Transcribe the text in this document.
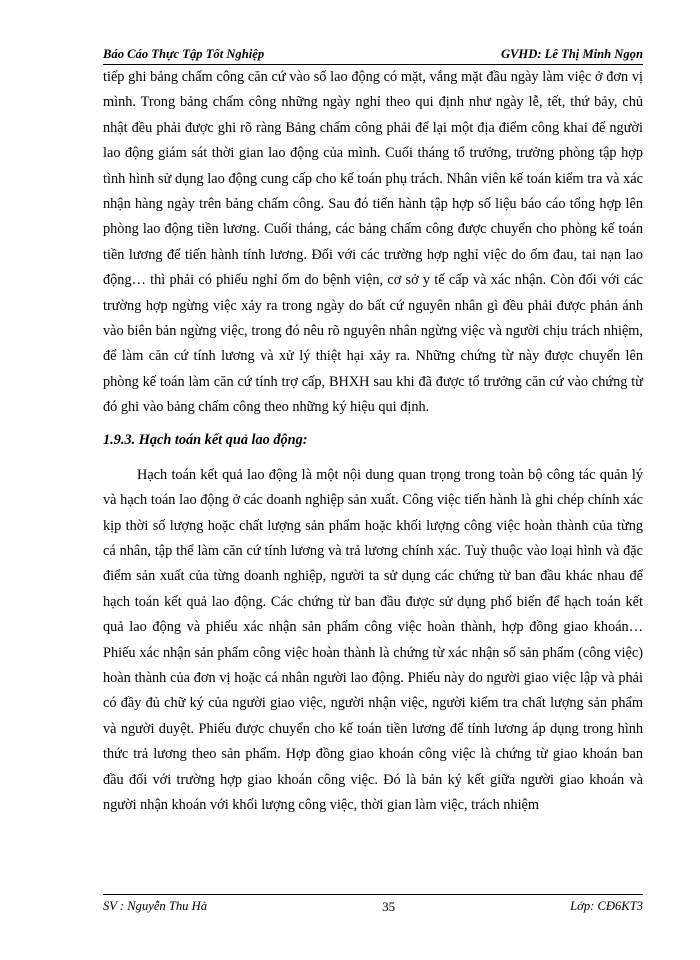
Báo Cáo Thực Tập Tốt Nghiệp	GVHD: Lê Thị Minh Ngọn

tiếp ghi bảng chấm công căn cứ vào số lao động có mặt, vắng mặt đầu ngày làm việc ở đơn vị mình. Trong bảng chấm công những ngày nghỉ theo qui định như ngày lễ, tết, thứ bảy, chủ nhật đều phải được ghi rõ ràng Bảng chấm công phải để lại một địa điểm công khai để người lao động giám sát thời gian lao động của mình. Cuối tháng tổ trưởng, trưởng phòng tập hợp tình hình sử dụng lao động cung cấp cho kế toán phụ trách. Nhân viên kế toán kiểm tra và xác nhận hàng ngày trên bảng chấm công. Sau đó tiến hành tập hợp số liệu báo cáo tổng hợp lên phòng lao động tiền lương. Cuối tháng, các bảng chấm công được chuyển cho phòng kế toán tiền lương để tiến hành tính lương. Đối với các trường hợp nghỉ việc do ốm đau, tai nạn lao động… thì phải có phiếu nghỉ ốm do bệnh viện, cơ sở y tế cấp và xác nhận. Còn đối với các trường hợp ngừng việc xảy ra trong ngày do bất cứ nguyên nhân gì đều phải được phản ánh vào biên bản ngừng việc, trong đó nêu rõ nguyên nhân ngừng việc và người chịu trách nhiệm, để làm căn cứ tính lương và xử lý thiệt hại xảy ra. Những chứng từ này được chuyển lên phòng kế toán làm căn cứ tính trợ cấp, BHXH sau khi đã được tổ trưởng căn cứ vào chứng từ đó ghi vào bảng chấm công theo những ký hiệu qui định.

1.9.3. Hạch toán kết quả lao động:

Hạch toán kết quả lao động là một nội dung quan trọng trong toàn bộ công tác quản lý và hạch toán lao động ở các doanh nghiệp sản xuất. Công việc tiến hành là ghi chép chính xác kịp thời số lượng hoặc chất lượng sản phẩm hoặc khối lượng công việc hoàn thành của từng cá nhân, tập thể làm căn cứ tính lương và trả lương chính xác. Tuỳ thuộc vào loại hình và đặc điểm sản xuất của từng doanh nghiệp, người ta sử dụng các chứng từ ban đầu khác nhau để hạch toán kết quả lao động. Các chứng từ ban đầu được sử dụng phổ biến để hạch toán kết quả lao động và phiếu xác nhận sản phẩm công việc hoàn thành, hợp đồng giao khoán… Phiếu xác nhận sản phẩm công việc hoàn thành là chứng từ xác nhận số sản phẩm (công việc) hoàn thành của đơn vị hoặc cá nhân người lao động. Phiếu này do người giao việc lập và phải có đầy đủ chữ ký của người giao việc, người nhận việc, người kiểm tra chất lượng sản phẩm và người duyệt. Phiếu được chuyển cho kế toán tiền lương để tính lương áp dụng trong hình thức trả lương theo sản phẩm. Hợp đồng giao khoán công việc là chứng từ giao khoán ban đầu đối với trường hợp giao khoán công việc. Đó là bản ký kết giữa người giao khoán và người nhận khoán với khối lượng công việc, thời gian làm việc, trách nhiệm

SV : Nguyễn Thu Hà	35	Lớp: CĐ6KT3
